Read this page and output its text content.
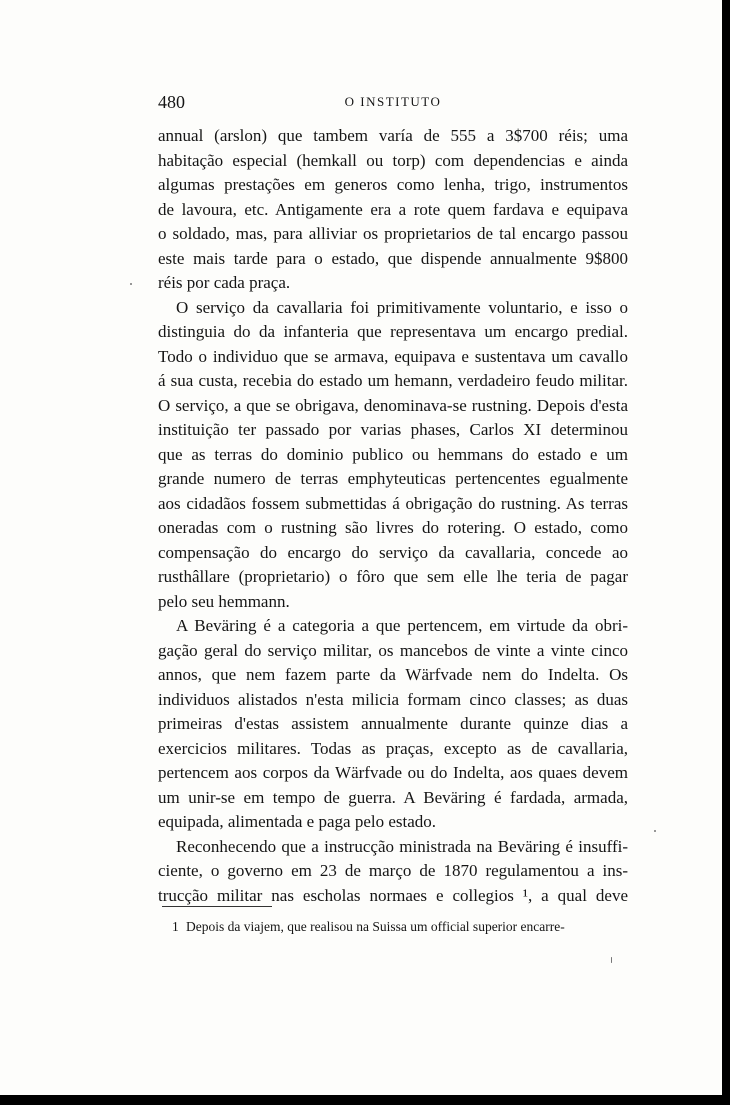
480	O INSTITUTO

annual (arslon) que tambem varía de 555 a 3$700 réis; uma

habitação especial (hemkall ou torp) com dependencias e ainda

algumas prestações em generos como lenha, trigo, instrumentos

de lavoura, etc. Antigamente era a rote quem fardava e equipava

o soldado, mas, para alliviar os proprietarios de tal encargo passou

este mais tarde para o estado, que dispende annualmente 9$800

réis por cada praça.

O serviço da cavallaria foi primitivamente voluntario, e isso o

distinguia do da infanteria que representava um encargo predial.

Todo o individuo que se armava, equipava e sustentava um cavallo

á sua custa, recebia do estado um hemann, verdadeiro feudo militar.

O serviço, a que se obrigava, denominava-se rustning. Depois d'esta

instituição ter passado por varias phases, Carlos XI determinou

que as terras do dominio publico ou hemmans do estado e um

grande numero de terras emphyteuticas pertencentes egualmente

aos cidadãos fossem submettidas á obrigação do rustning. As terras

oneradas com o rustning são livres do rotering. O estado, como

compensação do encargo do serviço da cavallaria, concede ao

rusthâllare (proprietario) o fôro que sem elle lhe teria de pagar

pelo seu hemmann.

A Beväring é a categoria a que pertencem, em virtude da obri-

gação geral do serviço militar, os mancebos de vinte a vinte cinco

annos, que nem fazem parte da Wärfvade nem do Indelta. Os

individuos alistados n'esta milicia formam cinco classes; as duas

primeiras d'estas assistem annualmente durante quinze dias a

exercicios militares. Todas as praças, excepto as de cavallaria,

pertencem aos corpos da Wärfvade ou do Indelta, aos quaes devem

um unir-se em tempo de guerra. A Beväring é fardada, armada,

equipada, alimentada e paga pelo estado.

Reconhecendo que a instrucção ministrada na Beväring é insuffi-

ciente, o governo em 23 de março de 1870 regulamentou a ins-

trucção militar nas escholas normaes e collegios ¹, a qual deve

1 Depois da viajem, que realisou na Suissa um official superior encarre-
